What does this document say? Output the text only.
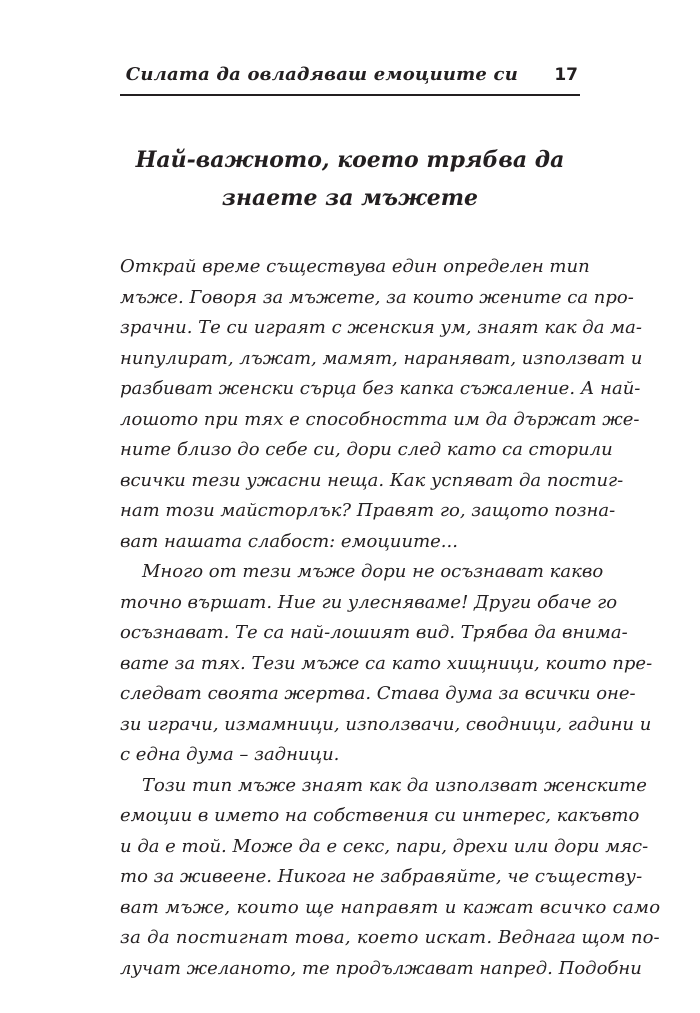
Силата да овладяваш емоциите си 17
Най-важното, което трябва да
знаете за мъжете

Открай време съществува един определен тип

мъже. Говоря за мъжете, за които жените са про-

зрачни. Те си играят с женския ум, знаят как да ма-

нипулират, лъжат, мамят, нараняват, използват и

разбиват женски сърца без капка съжаление. А най-

лошото при тях е способността им да държат же-

ните близо до себе си, дори след като са сторили

всички тези ужасни неща. Как успяват да постиг-

нат този майсторлък? Правят го, защото позна-

ват нашата слабост: емоциите...

Много от тези мъже дори не осъзнават какво

точно вършат. Ние ги улесняваме! Други обаче го

осъзнават. Те са най-лошият вид. Трябва да внима-

вате за тях. Тези мъже са като хищници, които пре-

следват своята жертва. Става дума за всички оне-

зи играчи, измамници, използвачи, сводници, гадини и

с една дума – задници.

Този тип мъже знаят как да използват женските

емоции в името на собствения си интерес, какъвто

и да е той. Може да е секс, пари, дрехи или дори мяс-

то за живеене. Никога не забравяйте, че съществу-

ват мъже, които ще направят и кажат всичко само

за да постигнат това, което искат. Веднага щом по-

лучат желаното, те продължават напред. Подобни
